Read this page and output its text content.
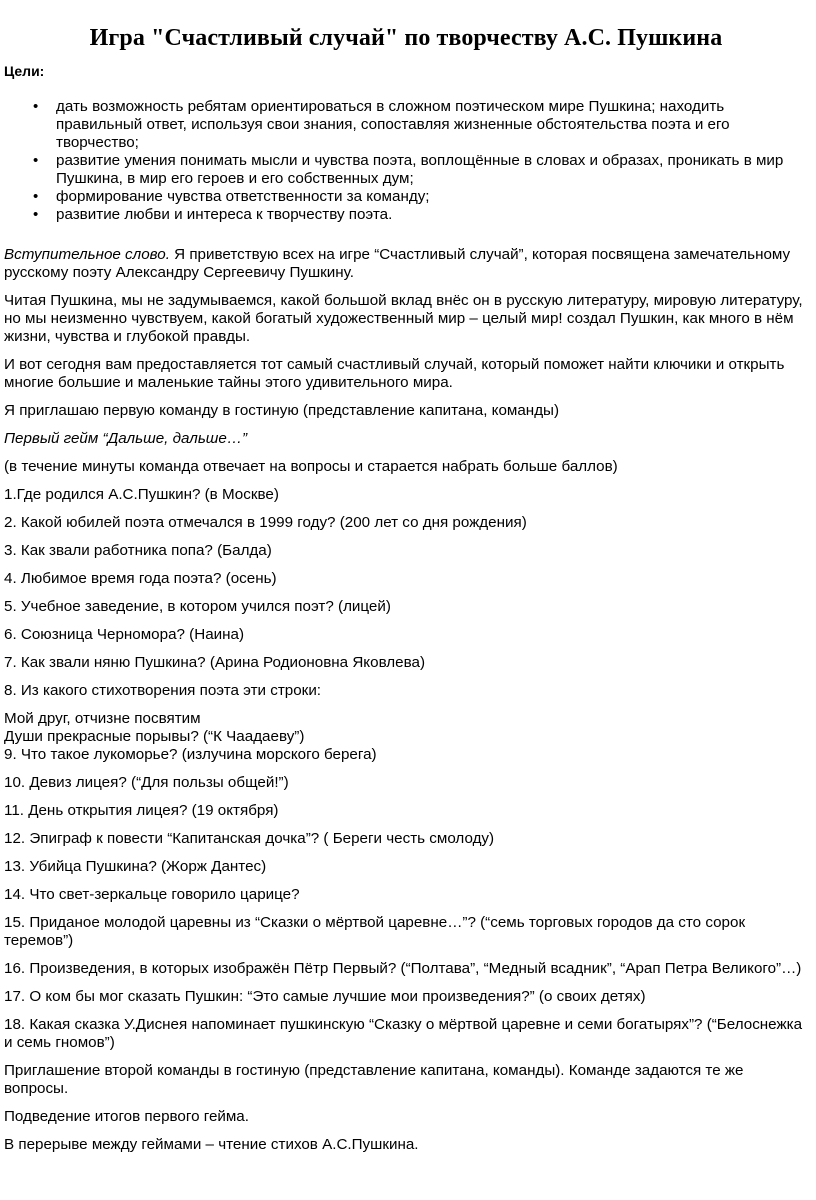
Игра "Счастливый случай" по творчеству А.С. Пушкина
Цели:
• дать возможность ребятам ориентироваться в сложном поэтическом мире Пушкина; находить правильный ответ, используя свои знания, сопоставляя жизненные обстоятельства поэта и его творчество;
• развитие умения понимать мысли и чувства поэта, воплощённые в словах и образах, проникать в мир Пушкина, в мир его героев и его собственных дум;
• формирование чувства ответственности за команду;
• развитие любви и интереса к творчеству поэта.

Вступительное слово. Я приветствую всех на игре “Счастливый случай”, которая посвящена замечательному русскому поэту Александру Сергеевичу Пушкину.

Читая Пушкина, мы не задумываемся, какой большой вклад внёс он в русскую литературу, мировую литературу, но мы неизменно чувствуем, какой богатый художественный мир – целый мир! создал Пушкин, как много в нём жизни, чувства и глубокой правды.

И вот сегодня вам предоставляется тот самый счастливый случай, который поможет найти ключики и открыть многие большие и маленькие тайны этого удивительного мира.

Я приглашаю первую команду в гостиную (представление капитана, команды)

Первый гейм “Дальше, дальше…”

(в течение минуты команда отвечает на вопросы и старается набрать больше баллов)

1.Где родился А.С.Пушкин? (в Москве)

2. Какой юбилей поэта отмечался в 1999 году? (200 лет со дня рождения)

3. Как звали работника попа? (Балда)

4. Любимое время года поэта? (осень)

5. Учебное заведение, в котором учился поэт? (лицей)

6. Союзница Черномора? (Наина)

7. Как звали няню Пушкина? (Арина Родионовна Яковлева)

8. Из какого стихотворения поэта эти строки:

Мой друг, отчизне посвятим

Души прекрасные порывы? (“К Чаадаеву”)

9. Что такое лукоморье? (излучина морского берега)

10. Девиз лицея? (“Для пользы общей!”)

11. День открытия лицея? (19 октября)

12. Эпиграф к повести “Капитанская дочка”? ( Береги честь смолоду)

13. Убийца Пушкина? (Жорж Дантес)

14. Что свет-зеркальце говорило царице?

15. Приданое молодой царевны из “Сказки о мёртвой царевне…”? (“семь торговых городов да сто сорок теремов”)

16. Произведения, в которых изображён Пётр Первый? (“Полтава”, “Медный всадник”, “Арап Петра Великого”…)

17. О ком бы мог сказать Пушкин: “Это самые лучшие мои произведения?” (о своих детях)

18. Какая сказка У.Диснея напоминает пушкинскую “Сказку о мёртвой царевне и семи богатырях”? (“Белоснежка и семь гномов”)

Приглашение второй команды в гостиную (представление капитана, команды). Команде задаются те же вопросы.

Подведение итогов первого гейма.

В перерыве между геймами – чтение стихов А.С.Пушкина.
